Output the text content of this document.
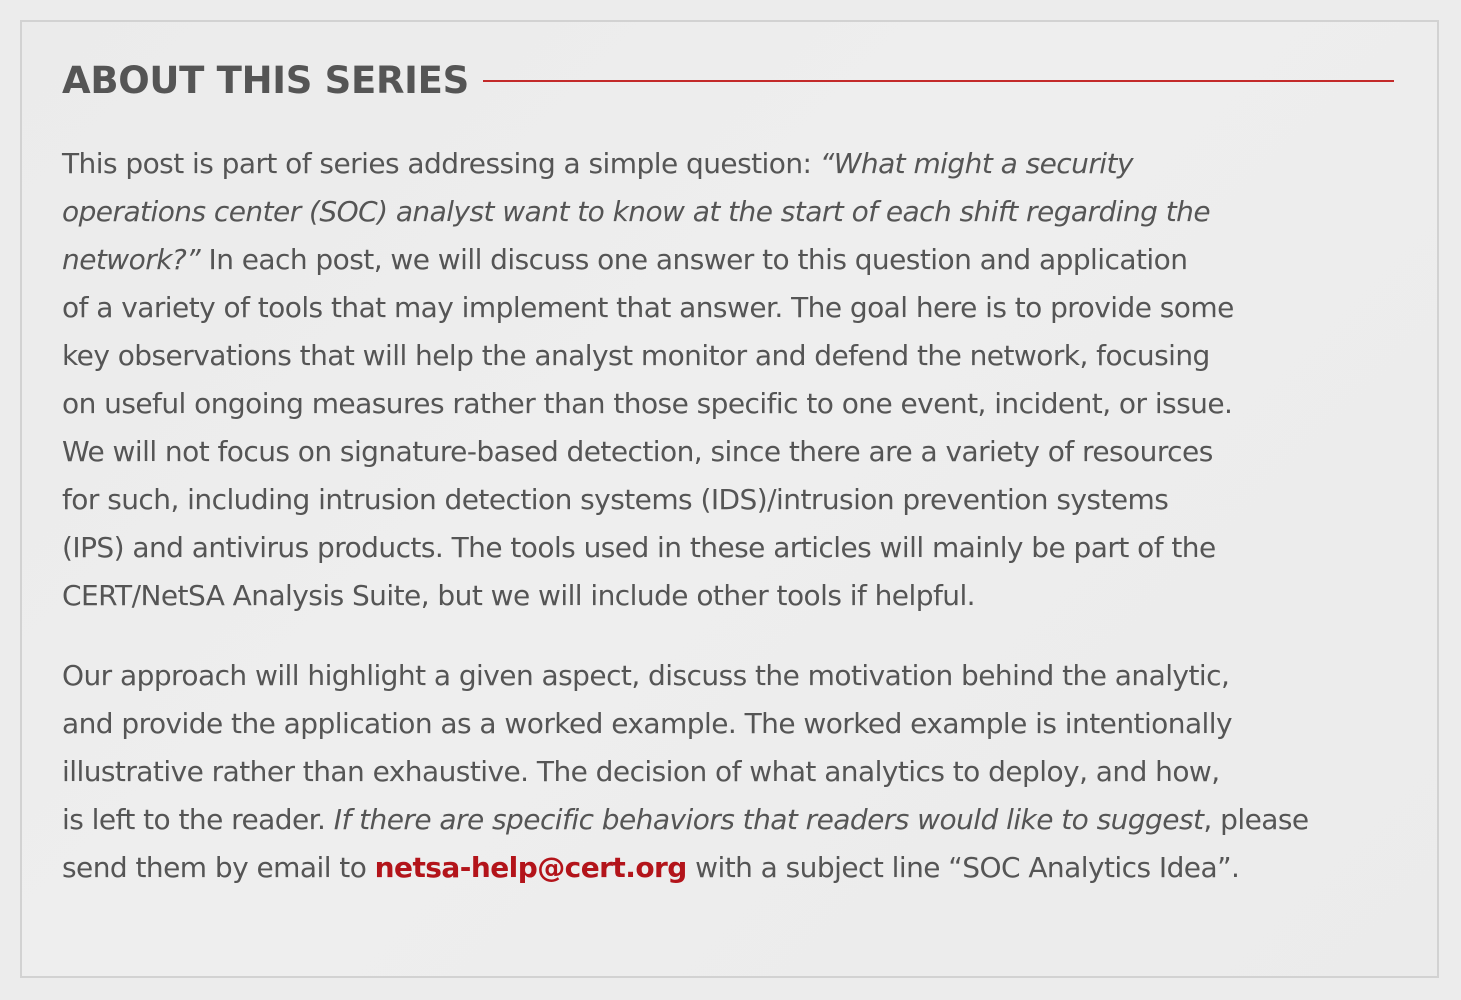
ABOUT THIS SERIES
This post is part of series addressing a simple question: “What might a security
operations center (SOC) analyst want to know at the start of each shift regarding the
network?” In each post, we will discuss one answer to this question and application
of a variety of tools that may implement that answer. The goal here is to provide some
key observations that will help the analyst monitor and defend the network, focusing
on useful ongoing measures rather than those specific to one event, incident, or issue.
We will not focus on signature-based detection, since there are a variety of resources
for such, including intrusion detection systems (IDS)/intrusion prevention systems
(IPS) and antivirus products. The tools used in these articles will mainly be part of the
CERT/NetSA Analysis Suite, but we will include other tools if helpful.
Our approach will highlight a given aspect, discuss the motivation behind the analytic,
and provide the application as a worked example. The worked example is intentionally
illustrative rather than exhaustive. The decision of what analytics to deploy, and how,
is left to the reader. If there are specific behaviors that readers would like to suggest, please
send them by email to netsa-help@cert.org with a subject line “SOC Analytics Idea”.
